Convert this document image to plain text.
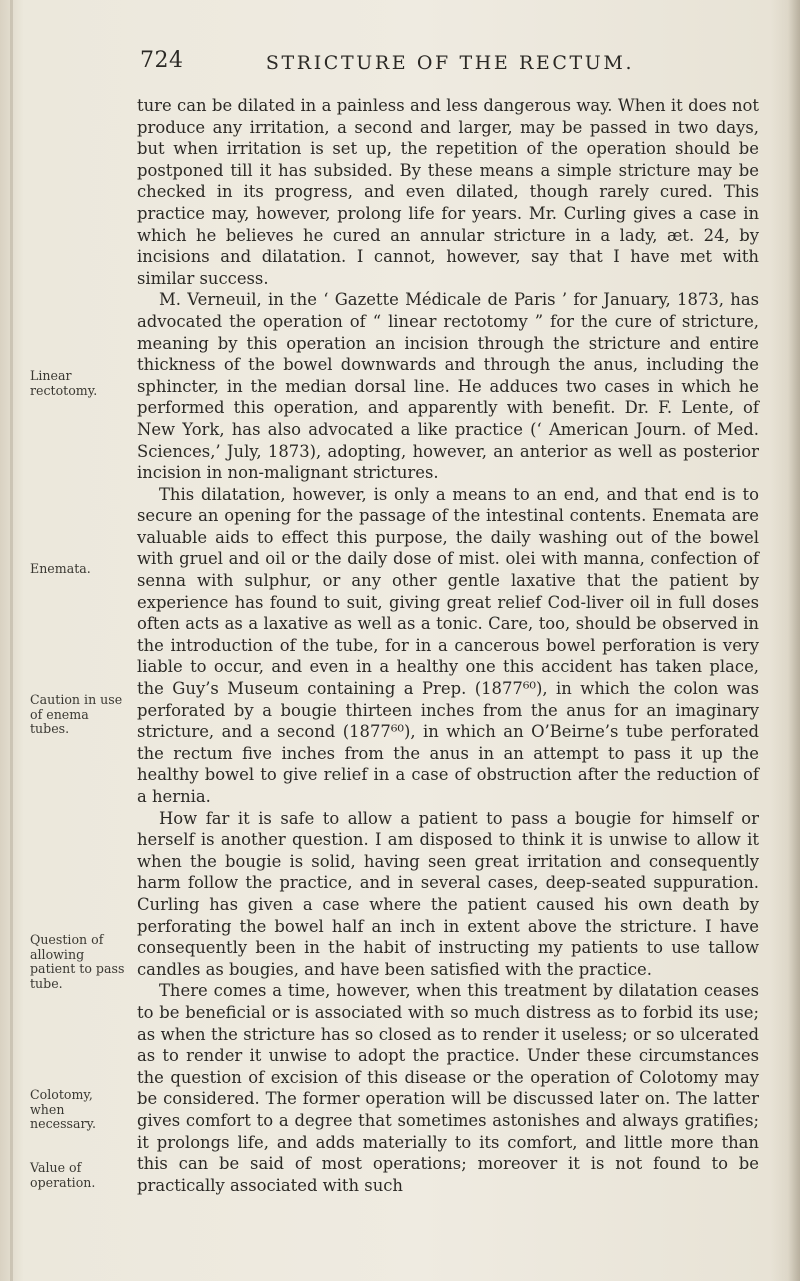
724	STRICTURE OF THE RECTUM.
Linear rectotomy.
Enemata.
Caution in use of enema tubes.
Question of allowing patient to pass tube.
Colotomy, when necessary.
Value of operation.

ture can be dilated in a painless and less dangerous way. When it does not produce any irritation, a second and larger, may be passed in two days, but when irritation is set up, the repetition of the operation should be postponed till it has subsided. By these means a simple stricture may be checked in its progress, and even dilated, though rarely cured. This practice may, however, prolong life for years. Mr. Curling gives a case in which he believes he cured an annular stricture in a lady, æt. 24, by incisions and dilatation. I cannot, however, say that I have met with similar success.

M. Verneuil, in the ‘ Gazette Médicale de Paris ’ for January, 1873, has advocated the operation of “ linear rectotomy ” for the cure of stricture, meaning by this operation an incision through the stricture and entire thickness of the bowel downwards and through the anus, including the sphincter, in the median dorsal line. He adduces two cases in which he performed this operation, and apparently with benefit. Dr. F. Lente, of New York, has also advocated a like practice (‘ American Journ. of Med. Sciences,’ July, 1873), adopting, however, an anterior as well as posterior incision in non-malignant strictures.

This dilatation, however, is only a means to an end, and that end is to secure an opening for the passage of the intestinal contents. Enemata are valuable aids to effect this purpose, the daily washing out of the bowel with gruel and oil or the daily dose of mist. olei with manna, confection of senna with sulphur, or any other gentle laxative that the patient by experience has found to suit, giving great relief Cod-liver oil in full doses often acts as a laxative as well as a tonic. Care, too, should be observed in the introduction of the tube, for in a cancerous bowel perforation is very liable to occur, and even in a healthy one this accident has taken place, the Guy’s Museum containing a Prep. (1877⁶⁰), in which the colon was perforated by a bougie thirteen inches from the anus for an imaginary stricture, and a second (1877⁶⁰), in which an O’Beirne’s tube perforated the rectum five inches from the anus in an attempt to pass it up the healthy bowel to give relief in a case of obstruction after the reduction of a hernia.

How far it is safe to allow a patient to pass a bougie for himself or herself is another question. I am disposed to think it is unwise to allow it when the bougie is solid, having seen great irritation and consequently harm follow the practice, and in several cases, deep-seated suppuration. Curling has given a case where the patient caused his own death by perforating the bowel half an inch in extent above the stricture. I have consequently been in the habit of instructing my patients to use tallow candles as bougies, and have been satisfied with the practice.

There comes a time, however, when this treatment by dilatation ceases to be beneficial or is associated with so much distress as to forbid its use; as when the stricture has so closed as to render it useless; or so ulcerated as to render it unwise to adopt the practice. Under these circumstances the question of excision of this disease or the operation of Colotomy may be considered. The former operation will be discussed later on. The latter gives comfort to a degree that sometimes astonishes and always gratifies; it prolongs life, and adds materially to its comfort, and little more than this can be said of most operations; moreover it is not found to be practically associated with such
